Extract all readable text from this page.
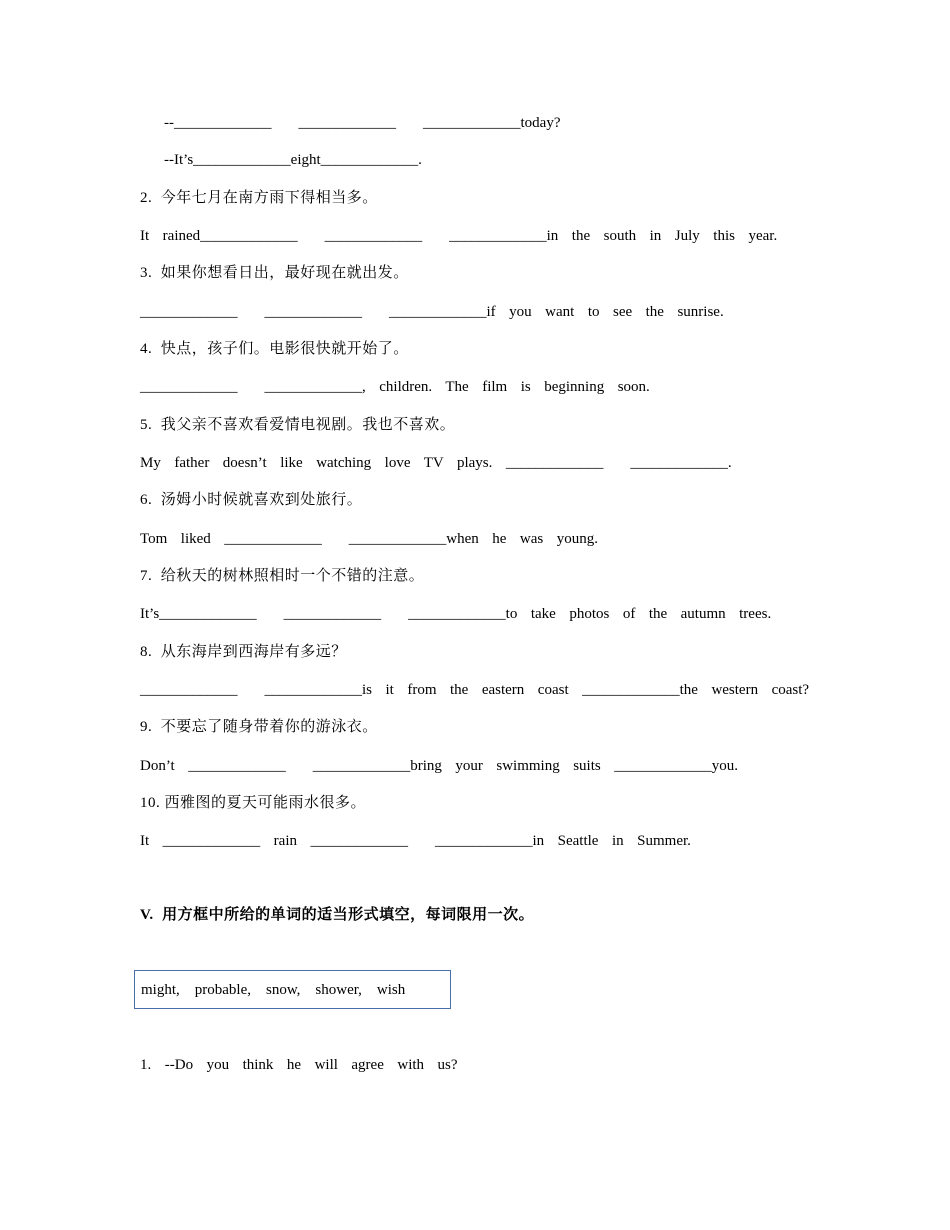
--_____________    _____________    _____________today?
--It’s_____________eight_____________.
2.  今年七月在南方雨下得相当多。
It  rained_____________    _____________    _____________in  the  south  in  July  this  year.
3.  如果你想看日出，最好现在就出发。
_____________    _____________    _____________if  you  want  to  see  the  sunrise.
4.  快点，孩子们。电影很快就开始了。
_____________    _____________,  children.  The  film  is  beginning  soon.
5.  我父亲不喜欢看爱情电视剧。我也不喜欢。
My  father  doesn’t  like  watching  love  TV  plays.  _____________    _____________.
6.  汤姆小时候就喜欢到处旅行。
Tom  liked  _____________    _____________when  he  was  young.
7.  给秋天的树林照相时一个不错的注意。
It’s_____________    _____________    _____________to  take  photos  of  the  autumn  trees.
8.  从东海岸到西海岸有多远？
_____________    _____________is  it  from  the  eastern  coast  _____________the  western  coast?
9.  不要忘了随身带着你的游泳衣。
Don’t  _____________    _____________bring  your  swimming  suits  _____________you.
10. 西雅图的夏天可能雨水很多。
It  _____________  rain  _____________    _____________in  Seattle  in  Summer.
V.  用方框中所给的单词的适当形式填空，每词限用一次。
might,    probable,    snow,    shower,    wish
1.  --Do  you  think  he  will  agree  with  us?
